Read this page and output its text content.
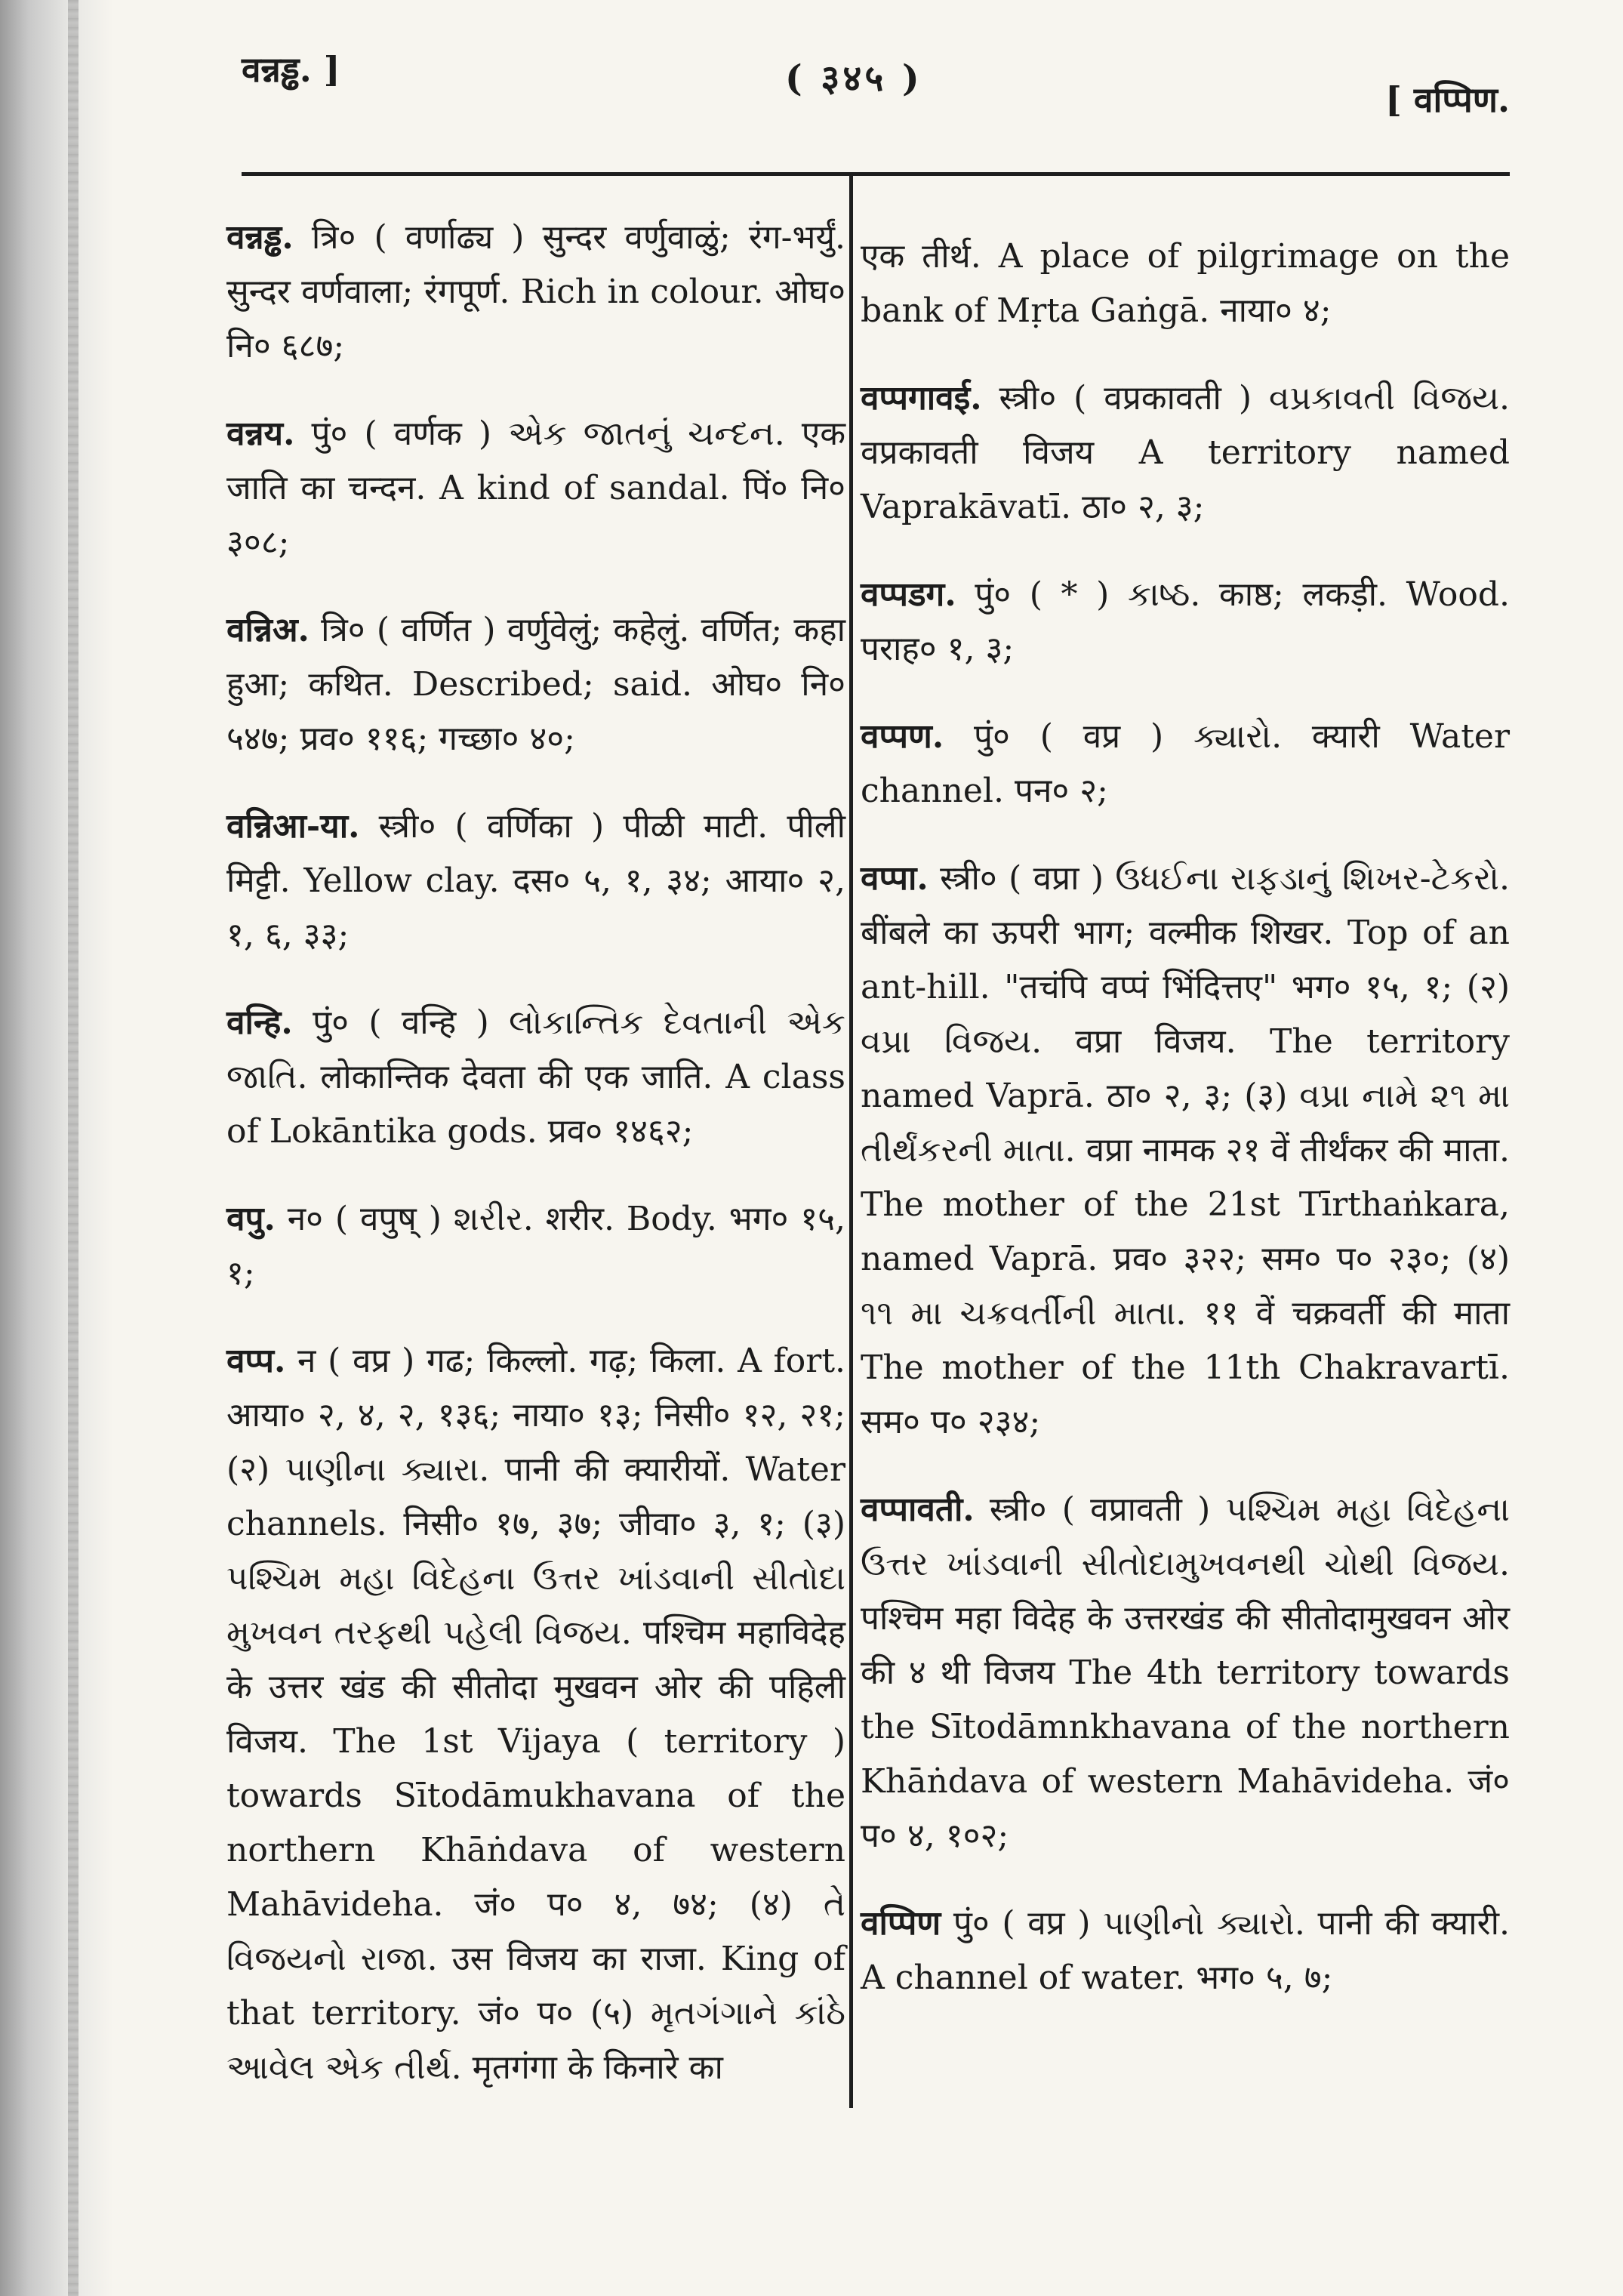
वन्नड्ढ. ]	( ३४५ )	[ वप्पिण.

वन्नड्ढ. त्रि० ( वर्णाढ्य ) सुन्दर वर्णुवाळुं; रंग-भर्युं. सुन्दर वर्णवाला; रंगपूर्ण. Rich in colour. ओघ० नि० ६८७;

वन्नय. पुं० ( वर्णक ) એક જાતનું ચન્દન. एक जाति का चन्दन. A kind of sandal. पिं० नि० ३०८;

वन्निअ. त्रि० ( वर्णित ) वर्णुवेलुं; कहेलुं. वर्णित; कहा हुआ; कथित. Described; said. ओघ० नि० ५४७; प्रव० ११६; गच्छा० ४०;

वन्निआ-या. स्त्री० ( वर्णिका ) पीळी माटी. पीली मिट्टी. Yellow clay. दस० ५, १, ३४; आया० २, १, ६, ३३;

वन्हि. पुं० ( वन्हि ) લોકાન્તિક દેવતાની એક જાતિ. लोकान्तिक देवता की एक जाति. A class of Lokāntika gods. प्रव० १४६२;

वपु. न० ( वपुष् ) શરીર. शरीर. Body. भग० १५, १;

वप्प. न ( वप्र ) गढ; किल्लो. गढ़; किला. A fort. आया० २, ४, २, १३६; नाया० १३; निसी० १२, २१; (२) પાણીના ક્યારા. पानी की क्यारीयों. Water channels. निसी० १७, ३७; जीवा० ३, १; (३) પશ્ચિમ મહા વિદેહના ઉત્તર ખાંડવાની સીતોદા મુખવન તરફથી પહેલી વિજય. पश्चिम महाविदेह के उत्तर खंड की सीतोदा मुखवन ओर की पहिली विजय. The 1st Vijaya ( territory ) towards Sītodāmukhavana of the northern Khāṅdava of western Mahāvideha. जं० प० ४, ७४; (४) તે વિજયનો રાજા. उस विजय का राजा. King of that territory. जं० प० (५) મૃતગંગાને કાંઠે આવેલ એક તીર્થ. मृतगंगा के किनारे का

एक तीर्थ. A place of pilgrimage on the bank of Mṛta Gaṅgā. नाया० ४;

वप्पगावई. स्त्री० ( वप्रकावती ) વપ્રકાવતી વિજય. वप्रकावती विजय A territory named Vaprakāvatī. ठा० २, ३;

वप्पडग. पुं० ( * ) કાષ્ઠ. काष्ठ; लकड़ी. Wood. पराह० १, ३;

वप्पण. पुं० ( वप्र ) ક્યારો. क्यारी Water channel. पन० २;

वप्पा. स्त्री० ( वप्रा ) ઉધઈના રાફડાનું શિખર-ટેકરો. बींबले का ऊपरी भाग; वल्मीक शिखर. Top of an ant-hill. "तचंपि वप्पं भिंदित्तए" भग० १५, १; (२) વપ્રા વિજય. वप्रा विजय. The territory named Vaprā. ठा० २, ३; (३) વપ્રા નામે ૨૧ મા તીર્થંકરની માતા. वप्रा नामक २१ वें तीर्थंकर की माता. The mother of the 21st Tīrthaṅkara, named Vaprā. प्रव० ३२२; सम० प० २३०; (४) ૧૧ મા ચક્રવર્તીની માતા. ११ वें चक्रवर्ती की माता The mother of the 11th Chakravartī. सम० प० २३४;

वप्पावती. स्त्री० ( वप्रावती ) પશ્ચિમ મહા વિદેહના ઉત્તર ખાંડવાની સીતોદામુખવનથી ચોથી વિજય. पश्चिम महा विदेह के उत्तरखंड की सीतोदामुखवन ओर की ४ थी विजय The 4th territory towards the Sītodāmnkhavana of the northern Khāṅdava of western Mahāvideha. जं० प० ४, १०२;

वप्पिण पुं० ( वप्र ) પાણીનો ક્યારો. पानी की क्यारी. A channel of water. भग० ५, ७;
